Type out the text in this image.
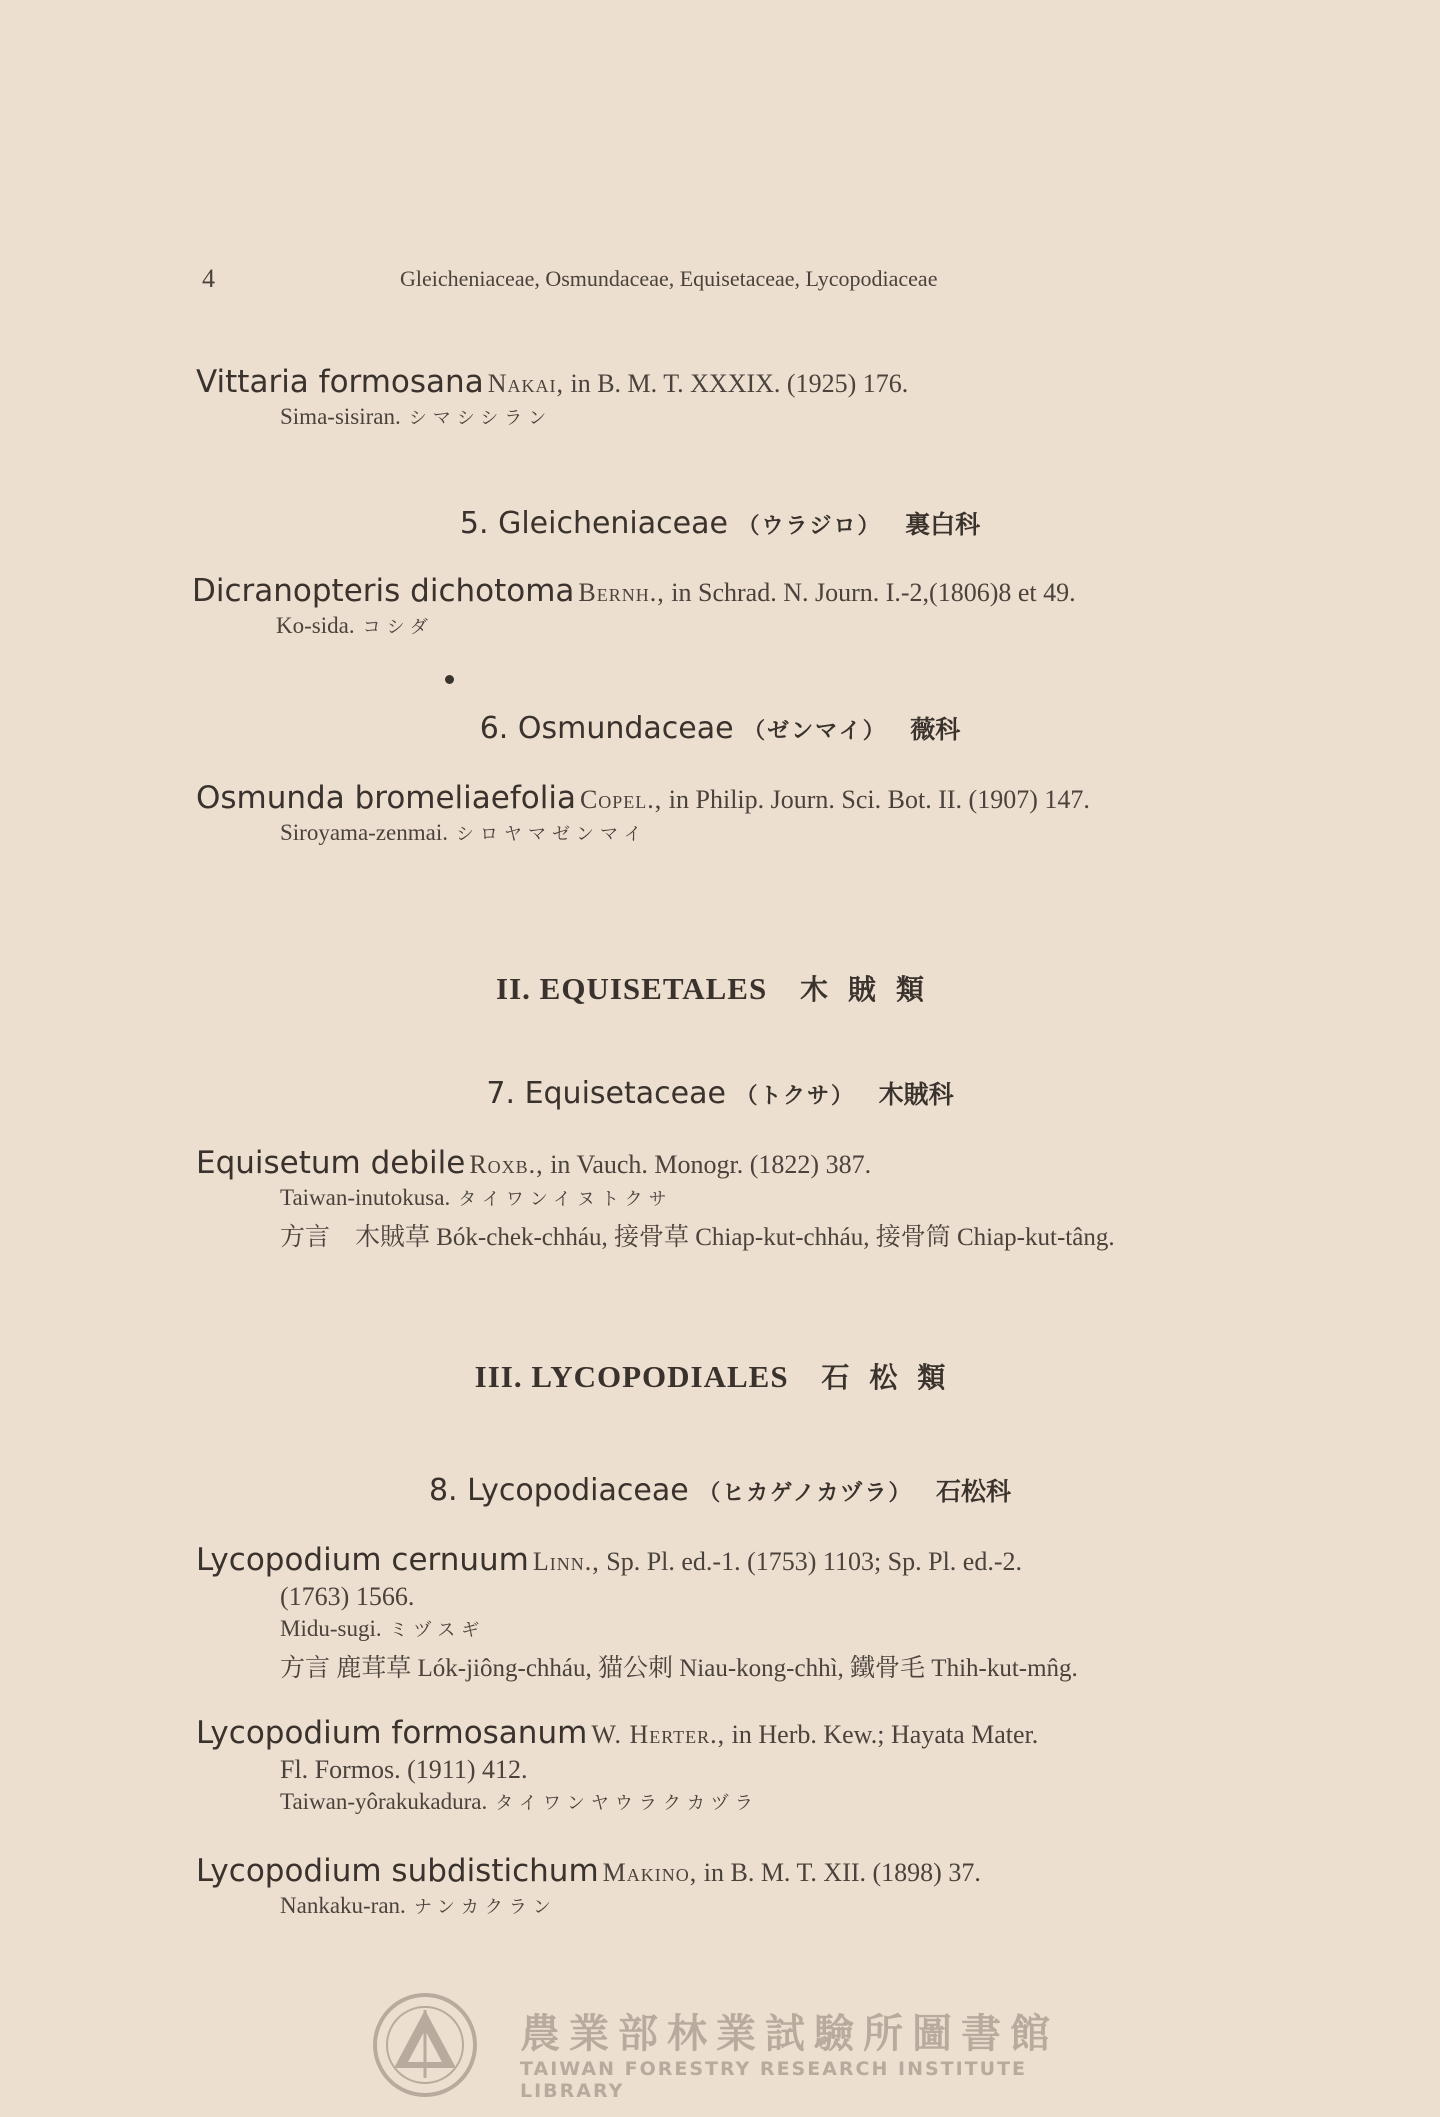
4	Gleicheniaceae, Osmundaceae, Equisetaceae, Lycopodiaceae
Vittaria formosana Nakai, in B. M. T. XXXIX. (1925) 176.
Sima-sisiran. シマシシラン
5. Gleicheniaceae （ウラジロ） 裏白科
Dicranopteris dichotoma Bernh., in Schrad. N. Journ. I.-2,(1806)8 et 49.
Ko-sida. コシダ
6. Osmundaceae （ゼンマイ） 薇科
Osmunda bromeliaefolia Copel., in Philip. Journ. Sci. Bot. II. (1907) 147.
Siroyama-zenmai. シロヤマゼンマイ
II. EQUISETALES 木賊類
7. Equisetaceae （トクサ） 木賊科
Equisetum debile Roxb., in Vauch. Monogr. (1822) 387.
Taiwan-inutokusa. タイワンイヌトクサ
方言　木賊草 Bók-chek-chháu, 接骨草 Chiap-kut-chháu, 接骨筒 Chiap-kut-tâng.
III. LYCOPODIALES 石松類
8. Lycopodiaceae （ヒカゲノカヅラ） 石松科
Lycopodium cernuum Linn., Sp. Pl. ed.-1. (1753) 1103; Sp. Pl. ed.-2.
(1763) 1566.
Midu-sugi. ミヅスギ
方言 鹿茸草 Lók-jiông-chháu, 猫公刺 Niau-kong-chhì, 鐵骨毛 Thih-kut-mn̂g.
Lycopodium formosanum W. Herter., in Herb. Kew.; Hayata Mater.
Fl. Formos. (1911) 412.
Taiwan-yôrakukadura. タイワンヤウラクカヅラ
Lycopodium subdistichum Makino, in B. M. T. XII. (1898) 37.
Nankaku-ran. ナンカクラン
農業部林業試驗所圖書館
TAIWAN FORESTRY RESEARCH INSTITUTE LIBRARY
